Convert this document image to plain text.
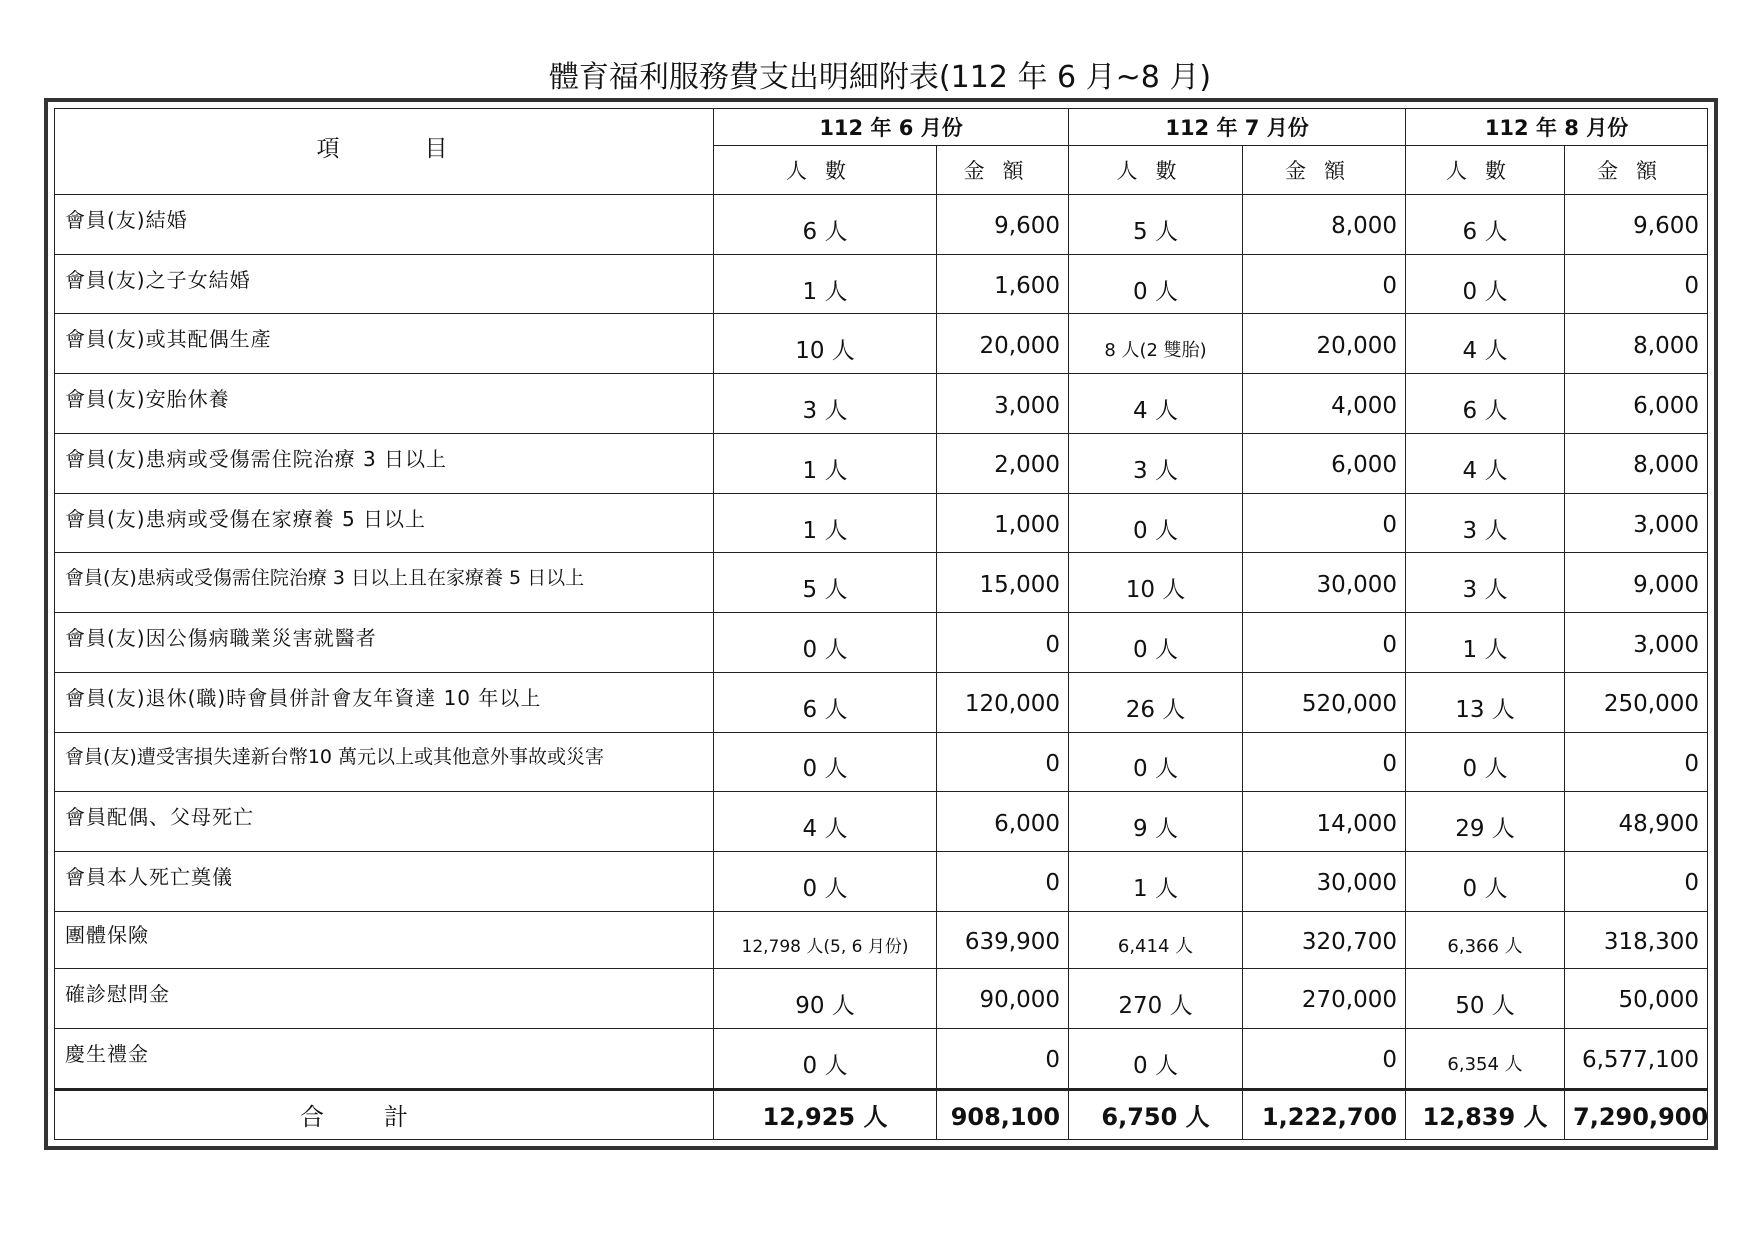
體育福利服務費支出明細附表(112 年 6 月~8 月)
項　　　目	112 年 6 月份		112 年 7 月份		112 年 8 月份	
	人數	金額	人數	金額	人數	金額
會員(友)結婚	6 人	9,600	5 人	8,000	6 人	9,600
會員(友)之子女結婚	1 人	1,600	0 人	0	0 人	0
會員(友)或其配偶生產	10 人	20,000	8 人(2 雙胎)	20,000	4 人	8,000
會員(友)安胎休養	3 人	3,000	4 人	4,000	6 人	6,000
會員(友)患病或受傷需住院治療 3 日以上	1 人	2,000	3 人	6,000	4 人	8,000
會員(友)患病或受傷在家療養 5 日以上	1 人	1,000	0 人	0	3 人	3,000
會員(友)患病或受傷需住院治療 3 日以上且在家療養 5 日以上	5 人	15,000	10 人	30,000	3 人	9,000
會員(友)因公傷病職業災害就醫者	0 人	0	0 人	0	1 人	3,000
會員(友)退休(職)時會員併計會友年資達 10 年以上	6 人	120,000	26 人	520,000	13 人	250,000
會員(友)遭受害損失達新台幣10 萬元以上或其他意外事故或災害	0 人	0	0 人	0	0 人	0
會員配偶、父母死亡	4 人	6,000	9 人	14,000	29 人	48,900
會員本人死亡奠儀	0 人	0	1 人	30,000	0 人	0
團體保險	12,798 人(5, 6 月份)	639,900	6,414 人	320,700	6,366 人	318,300
確診慰問金	90 人	90,000	270 人	270,000	50 人	50,000
慶生禮金	0 人	0	0 人	0	6,354 人	6,577,100
合計	12,925 人	908,100	6,750 人	1,222,700	12,839 人	7,290,900
